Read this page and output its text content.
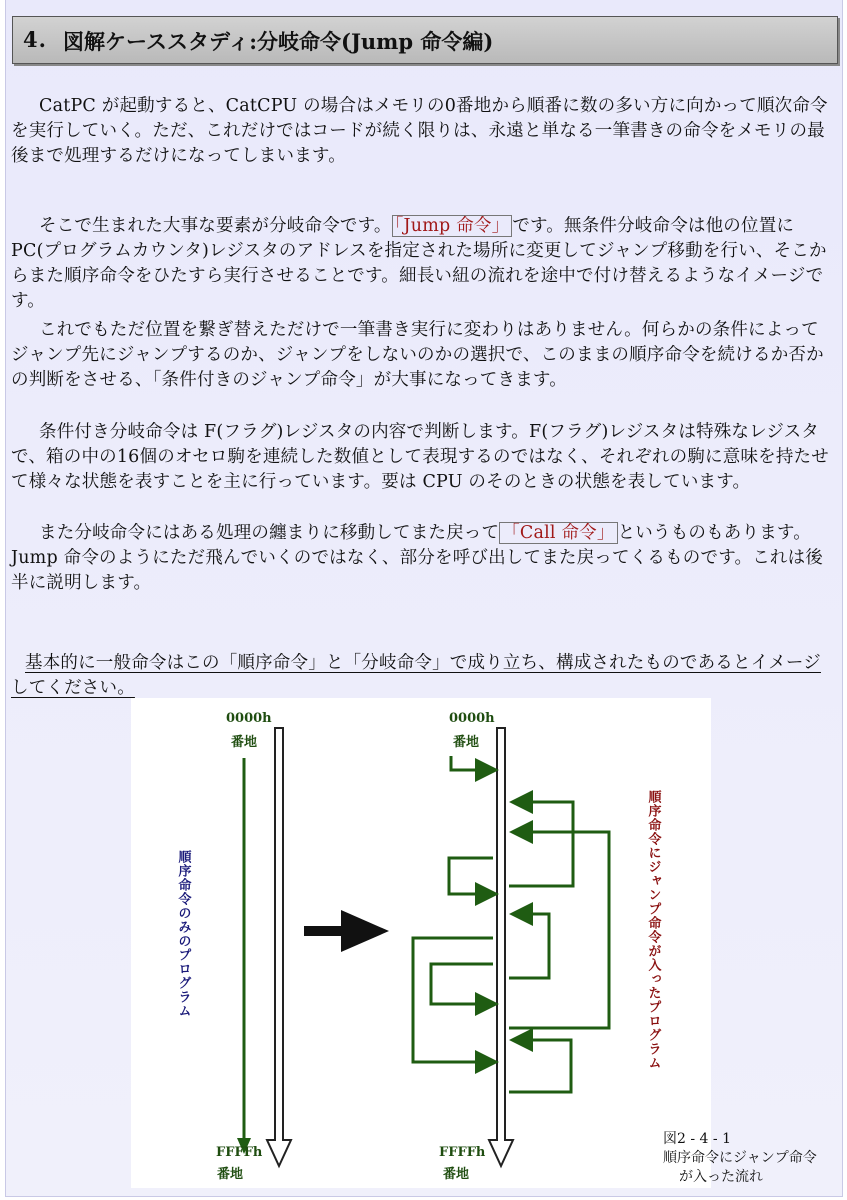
4. 図解ケーススタディ:分岐命令(Jump 命令編)

CatPC が起動すると、CatCPU の場合はメモリの0番地から順番に数の多い方に向かって順次命令を実行していく。ただ、これだけではコードが続く限りは、永遠と単なる一筆書きの命令をメモリの最後まで処理するだけになってしまいます。

そこで生まれた大事な要素が分岐命令です。 「Jump 命令」 です。無条件分岐命令は他の位置に PC(プログラムカウンタ)レジスタのアドレスを指定された場所に変更してジャンプ移動を行い、そこからまた順序命令をひたすら実行させることです。細長い紐の流れを途中で付け替えるようなイメージです。

これでもただ位置を繋ぎ替えただけで一筆書き実行に変わりはありません。何らかの条件によってジャンプ先にジャンプするのか、ジャンプをしないのかの選択で、このままの順序命令を続けるか否かの判断をさせる、「条件付きのジャンプ命令」が大事になってきます。

条件付き分岐命令は F(フラグ)レジスタの内容で判断します。F(フラグ)レジスタは特殊なレジスタで、箱の中の16個のオセロ駒を連続した数値として表現するのではなく、それぞれの駒に意味を持たせて様々な状態を表すことを主に行っています。要は CPU のそのときの状態を表しています。

また分岐命令にはある処理の纏まりに移動してまた戻って 「Call 命令」 というものもあります。Jump 命令のようにただ飛んでいくのではなく、部分を呼び出してまた戻ってくるものです。これは後半に説明します。

基本的に一般命令はこの「順序命令」と「分岐命令」で成り立ち、構成されたものであるとイメージしてください。

0000h
番地
FFFFh
番地
順序命令のみのプログラム
0000h
番地
FFFFh
番地
順序命令にジャンプ命令が入ったプログラム
図2 - 4 - 1
順序命令にジャンプ命令
が入った流れ
